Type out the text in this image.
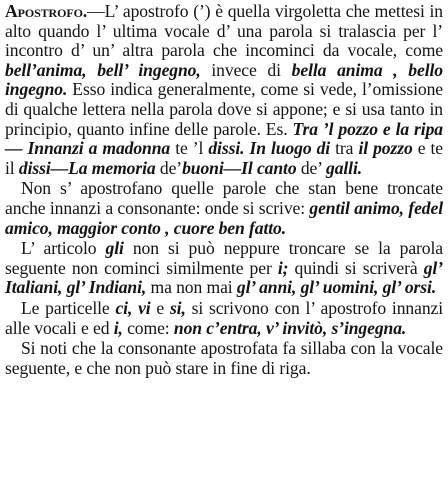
Apostrofo.—L’ apostrofo (’) è quella virgoletta che mettesi in alto quando l’ ultima vocale d’ una parola si tralascia per l’ incontro d’ un’ altra parola che incominci da vocale, come bell’anima, bell’ ingegno, invece di bella anima , bello ingegno. Esso indica generalmente, come si vede, l’omissione di qualche lettera nella parola dove si appone; e si usa tanto in principio, quanto infine delle parole. Es. Tra ’l pozzo e la ripa — Innanzi a madonna te ’l dissi. In luogo di tra il pozzo e te il dissi—La memoria de’buoni—Il canto de’ galli.

Non s’ apostrofano quelle parole che stan bene troncate anche innanzi a consonante: onde si scrive: gentil animo, fedel amico, maggior conto , cuore ben fatto.

L’ articolo gli non si può neppure troncare se la parola seguente non cominci similmente per i; quindi si scriverà gl’ Italiani, gl’ Indiani, ma non mai gl’ anni, gl’ uomini, gl’ orsi.

Le particelle ci, vi e si, si scrivono con l’ apostrofo innanzi alle vocali e ed i, come: non c’entra, v’ invitò, s’ingegna.

Si noti che la consonante apostrofata fa sillaba con la vocale seguente, e che non può stare in fine di riga.
